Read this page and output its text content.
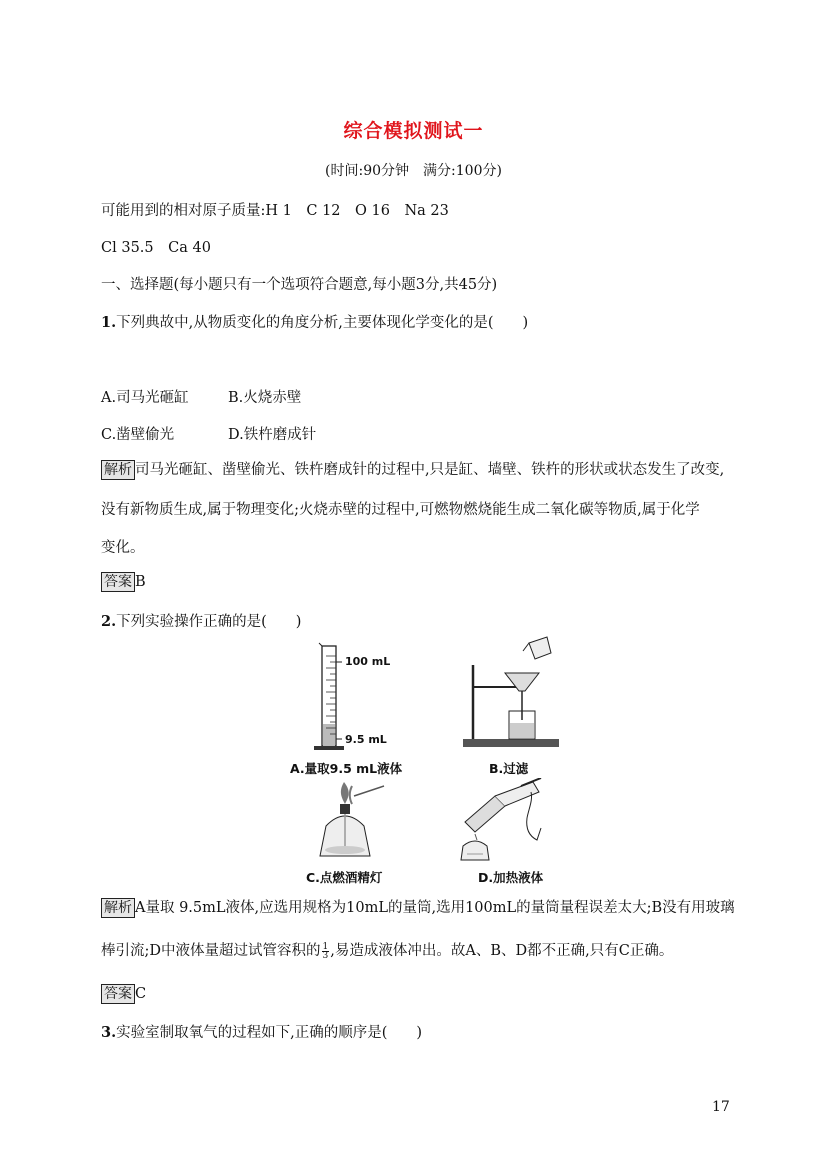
综合模拟测试一
(时间:90分钟　满分:100分)
可能用到的相对原子质量:H 1　C 12　O 16　Na 23
Cl 35.5　Ca 40
一、选择题(每小题只有一个选项符合题意,每小题3分,共45分)
1.下列典故中,从物质变化的角度分析,主要体现化学变化的是(　　)
A.司马光砸缸	B.火烧赤壁
C.凿壁偷光	D.铁杵磨成针
解析 司马光砸缸、凿壁偷光、铁杵磨成针的过程中,只是缸、墙壁、铁杵的形状或状态发生了改变,
没有新物质生成,属于物理变化;火烧赤壁的过程中,可燃物燃烧能生成二氧化碳等物质,属于化学
变化。
答案 B
2.下列实验操作正确的是(　　)
100 mL
9.5 mL
A.量取9.5 mL液体	B.过滤
C.点燃酒精灯	D.加热液体
解析 A量取 9.5mL液体,应选用规格为10mL的量筒,选用100mL的量筒量程误差太大;B没有用玻璃
棒引流;D中液体量超过试管容积的 $\frac{1}{3}$ ,易造成液体冲出。故A、B、D都不正确,只有C正确。
答案 C
3.实验室制取氧气的过程如下,正确的顺序是(　　)
17
